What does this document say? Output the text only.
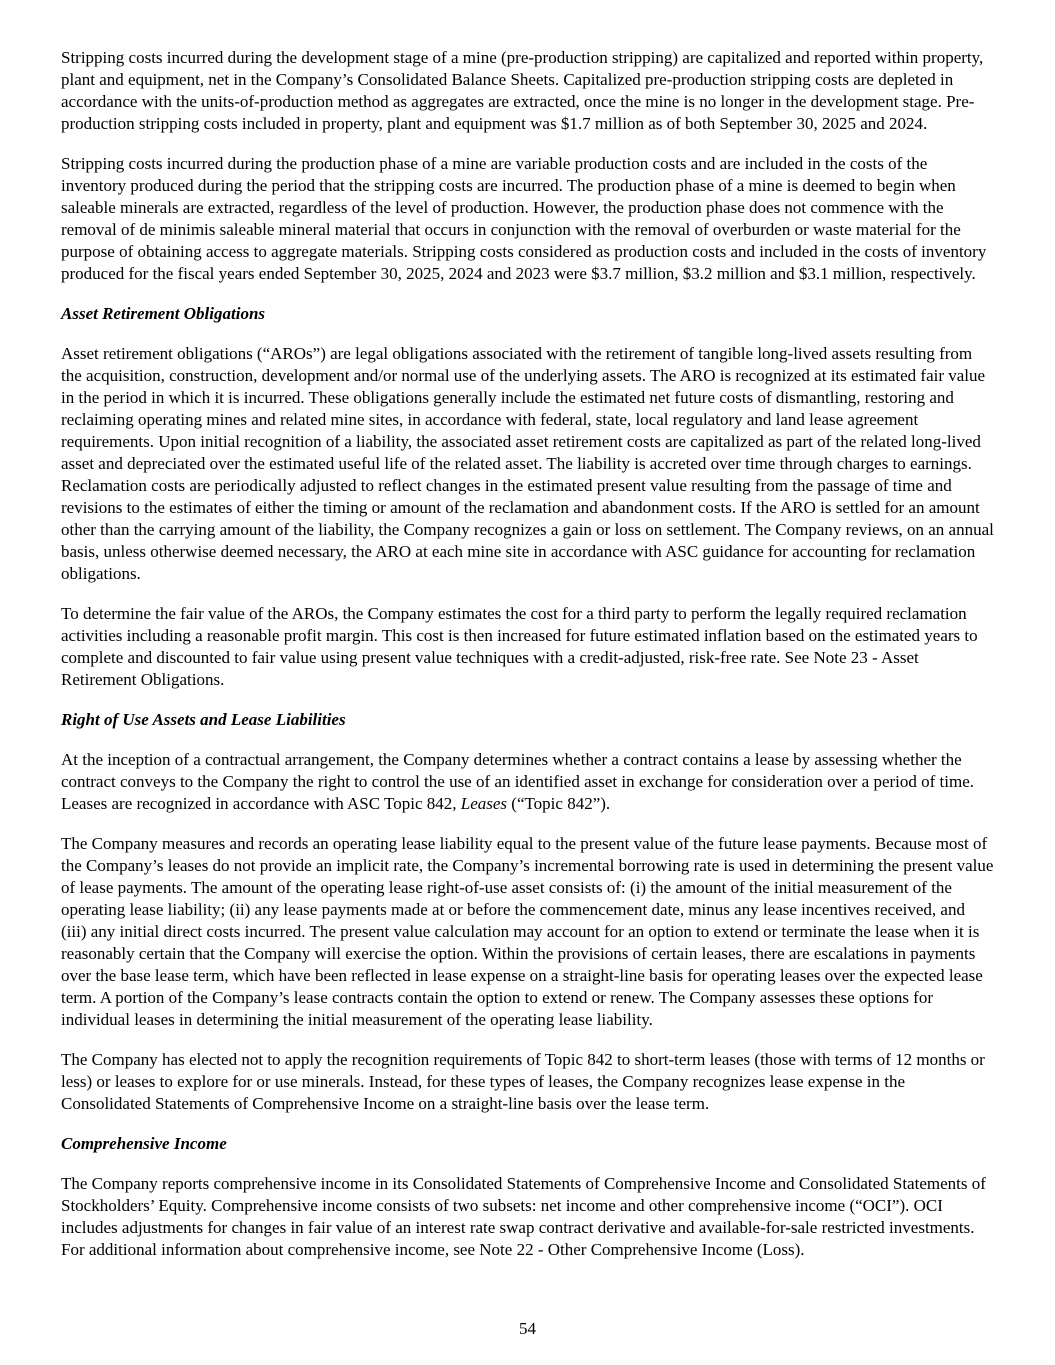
Stripping costs incurred during the development stage of a mine (pre-production stripping) are capitalized and reported within property, plant and equipment, net in the Company’s Consolidated Balance Sheets. Capitalized pre-production stripping costs are depleted in accordance with the units-of-production method as aggregates are extracted, once the mine is no longer in the development stage. Pre-production stripping costs included in property, plant and equipment was $1.7 million as of both September 30, 2025 and 2024.

Stripping costs incurred during the production phase of a mine are variable production costs and are included in the costs of the inventory produced during the period that the stripping costs are incurred. The production phase of a mine is deemed to begin when saleable minerals are extracted, regardless of the level of production. However, the production phase does not commence with the removal of de minimis saleable mineral material that occurs in conjunction with the removal of overburden or waste material for the purpose of obtaining access to aggregate materials. Stripping costs considered as production costs and included in the costs of inventory produced for the fiscal years ended September 30, 2025, 2024 and 2023 were $3.7 million, $3.2 million and $3.1 million, respectively.

Asset Retirement Obligations

Asset retirement obligations (“AROs”) are legal obligations associated with the retirement of tangible long-lived assets resulting from the acquisition, construction, development and/or normal use of the underlying assets. The ARO is recognized at its estimated fair value in the period in which it is incurred. These obligations generally include the estimated net future costs of dismantling, restoring and reclaiming operating mines and related mine sites, in accordance with federal, state, local regulatory and land lease agreement requirements. Upon initial recognition of a liability, the associated asset retirement costs are capitalized as part of the related long-lived asset and depreciated over the estimated useful life of the related asset. The liability is accreted over time through charges to earnings. Reclamation costs are periodically adjusted to reflect changes in the estimated present value resulting from the passage of time and revisions to the estimates of either the timing or amount of the reclamation and abandonment costs. If the ARO is settled for an amount other than the carrying amount of the liability, the Company recognizes a gain or loss on settlement. The Company reviews, on an annual basis, unless otherwise deemed necessary, the ARO at each mine site in accordance with ASC guidance for accounting for reclamation obligations.

To determine the fair value of the AROs, the Company estimates the cost for a third party to perform the legally required reclamation activities including a reasonable profit margin. This cost is then increased for future estimated inflation based on the estimated years to complete and discounted to fair value using present value techniques with a credit-adjusted, risk-free rate. See Note 23 - Asset Retirement Obligations.

Right of Use Assets and Lease Liabilities

At the inception of a contractual arrangement, the Company determines whether a contract contains a lease by assessing whether the contract conveys to the Company the right to control the use of an identified asset in exchange for consideration over a period of time. Leases are recognized in accordance with ASC Topic 842, Leases (“Topic 842”).

The Company measures and records an operating lease liability equal to the present value of the future lease payments. Because most of the Company’s leases do not provide an implicit rate, the Company’s incremental borrowing rate is used in determining the present value of lease payments. The amount of the operating lease right-of-use asset consists of: (i) the amount of the initial measurement of the operating lease liability; (ii) any lease payments made at or before the commencement date, minus any lease incentives received, and (iii) any initial direct costs incurred. The present value calculation may account for an option to extend or terminate the lease when it is reasonably certain that the Company will exercise the option. Within the provisions of certain leases, there are escalations in payments over the base lease term, which have been reflected in lease expense on a straight-line basis for operating leases over the expected lease term. A portion of the Company’s lease contracts contain the option to extend or renew. The Company assesses these options for individual leases in determining the initial measurement of the operating lease liability.

The Company has elected not to apply the recognition requirements of Topic 842 to short-term leases (those with terms of 12 months or less) or leases to explore for or use minerals. Instead, for these types of leases, the Company recognizes lease expense in the Consolidated Statements of Comprehensive Income on a straight-line basis over the lease term.

Comprehensive Income

The Company reports comprehensive income in its Consolidated Statements of Comprehensive Income and Consolidated Statements of Stockholders’ Equity. Comprehensive income consists of two subsets: net income and other comprehensive income (“OCI”). OCI includes adjustments for changes in fair value of an interest rate swap contract derivative and available-for-sale restricted investments. For additional information about comprehensive income, see Note 22 - Other Comprehensive Income (Loss).

54
